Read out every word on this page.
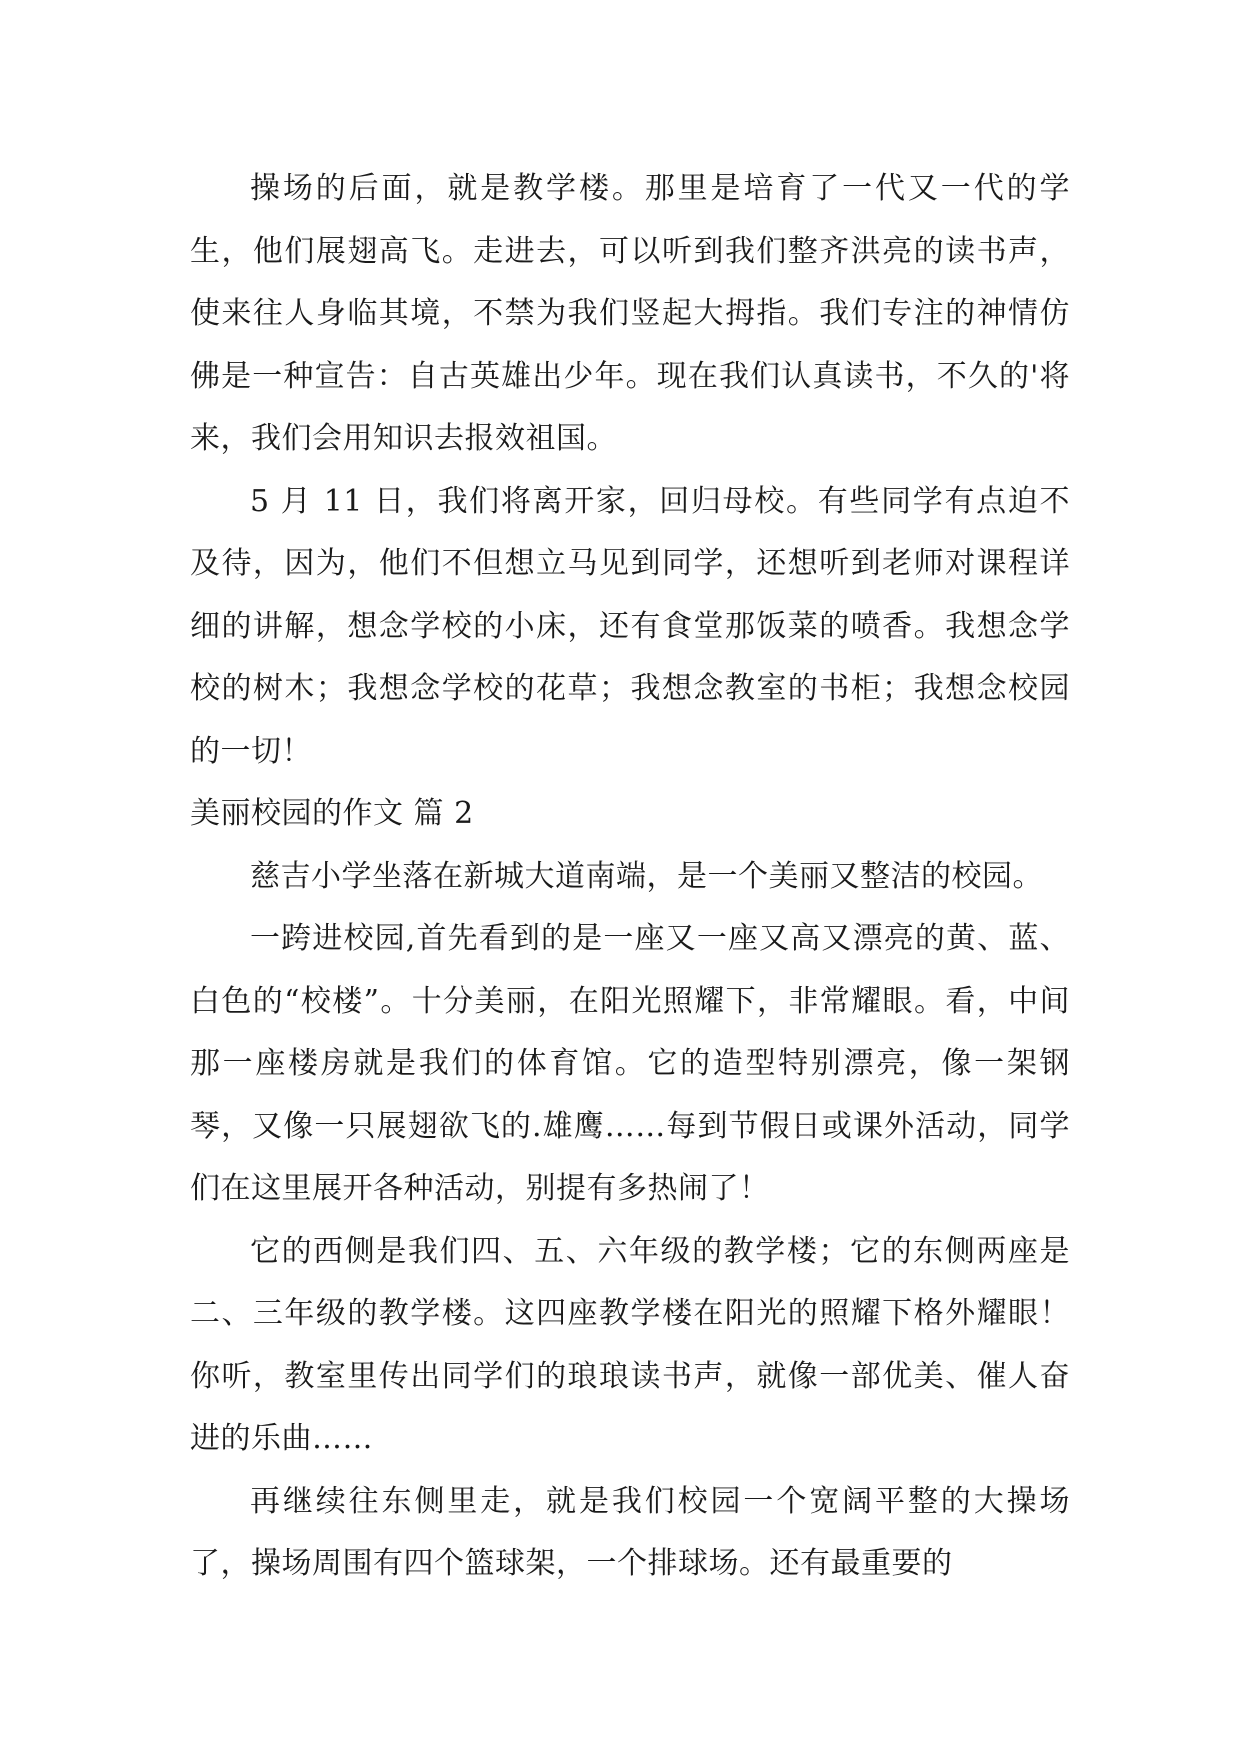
操场的后面，就是教学楼。那里是培育了一代又一代的学生，他们展翅高飞。走进去，可以听到我们整齐洪亮的读书声，使来往人身临其境，不禁为我们竖起大拇指。我们专注的神情仿佛是一种宣告：自古英雄出少年。现在我们认真读书，不久的'将来，我们会用知识去报效祖国。

5 月 11 日，我们将离开家，回归母校。有些同学有点迫不及待，因为，他们不但想立马见到同学，还想听到老师对课程详细的讲解，想念学校的小床，还有食堂那饭菜的喷香。我想念学校的树木；我想念学校的花草；我想念教室的书柜；我想念校园的一切！

美丽校园的作文 篇 2

慈吉小学坐落在新城大道南端，是一个美丽又整洁的校园。

一跨进校园,首先看到的是一座又一座又高又漂亮的黄、蓝、白色的“校楼”。十分美丽，在阳光照耀下，非常耀眼。看，中间那一座楼房就是我们的体育馆。它的造型特别漂亮，像一架钢琴，又像一只展翅欲飞的.雄鹰……每到节假日或课外活动，同学们在这里展开各种活动，别提有多热闹了！

它的西侧是我们四、五、六年级的教学楼；它的东侧两座是二、三年级的教学楼。这四座教学楼在阳光的照耀下格外耀眼！你听，教室里传出同学们的琅琅读书声，就像一部优美、催人奋进的乐曲……

再继续往东侧里走，就是我们校园一个宽阔平整的大操场了，操场周围有四个篮球架，一个排球场。还有最重要的
